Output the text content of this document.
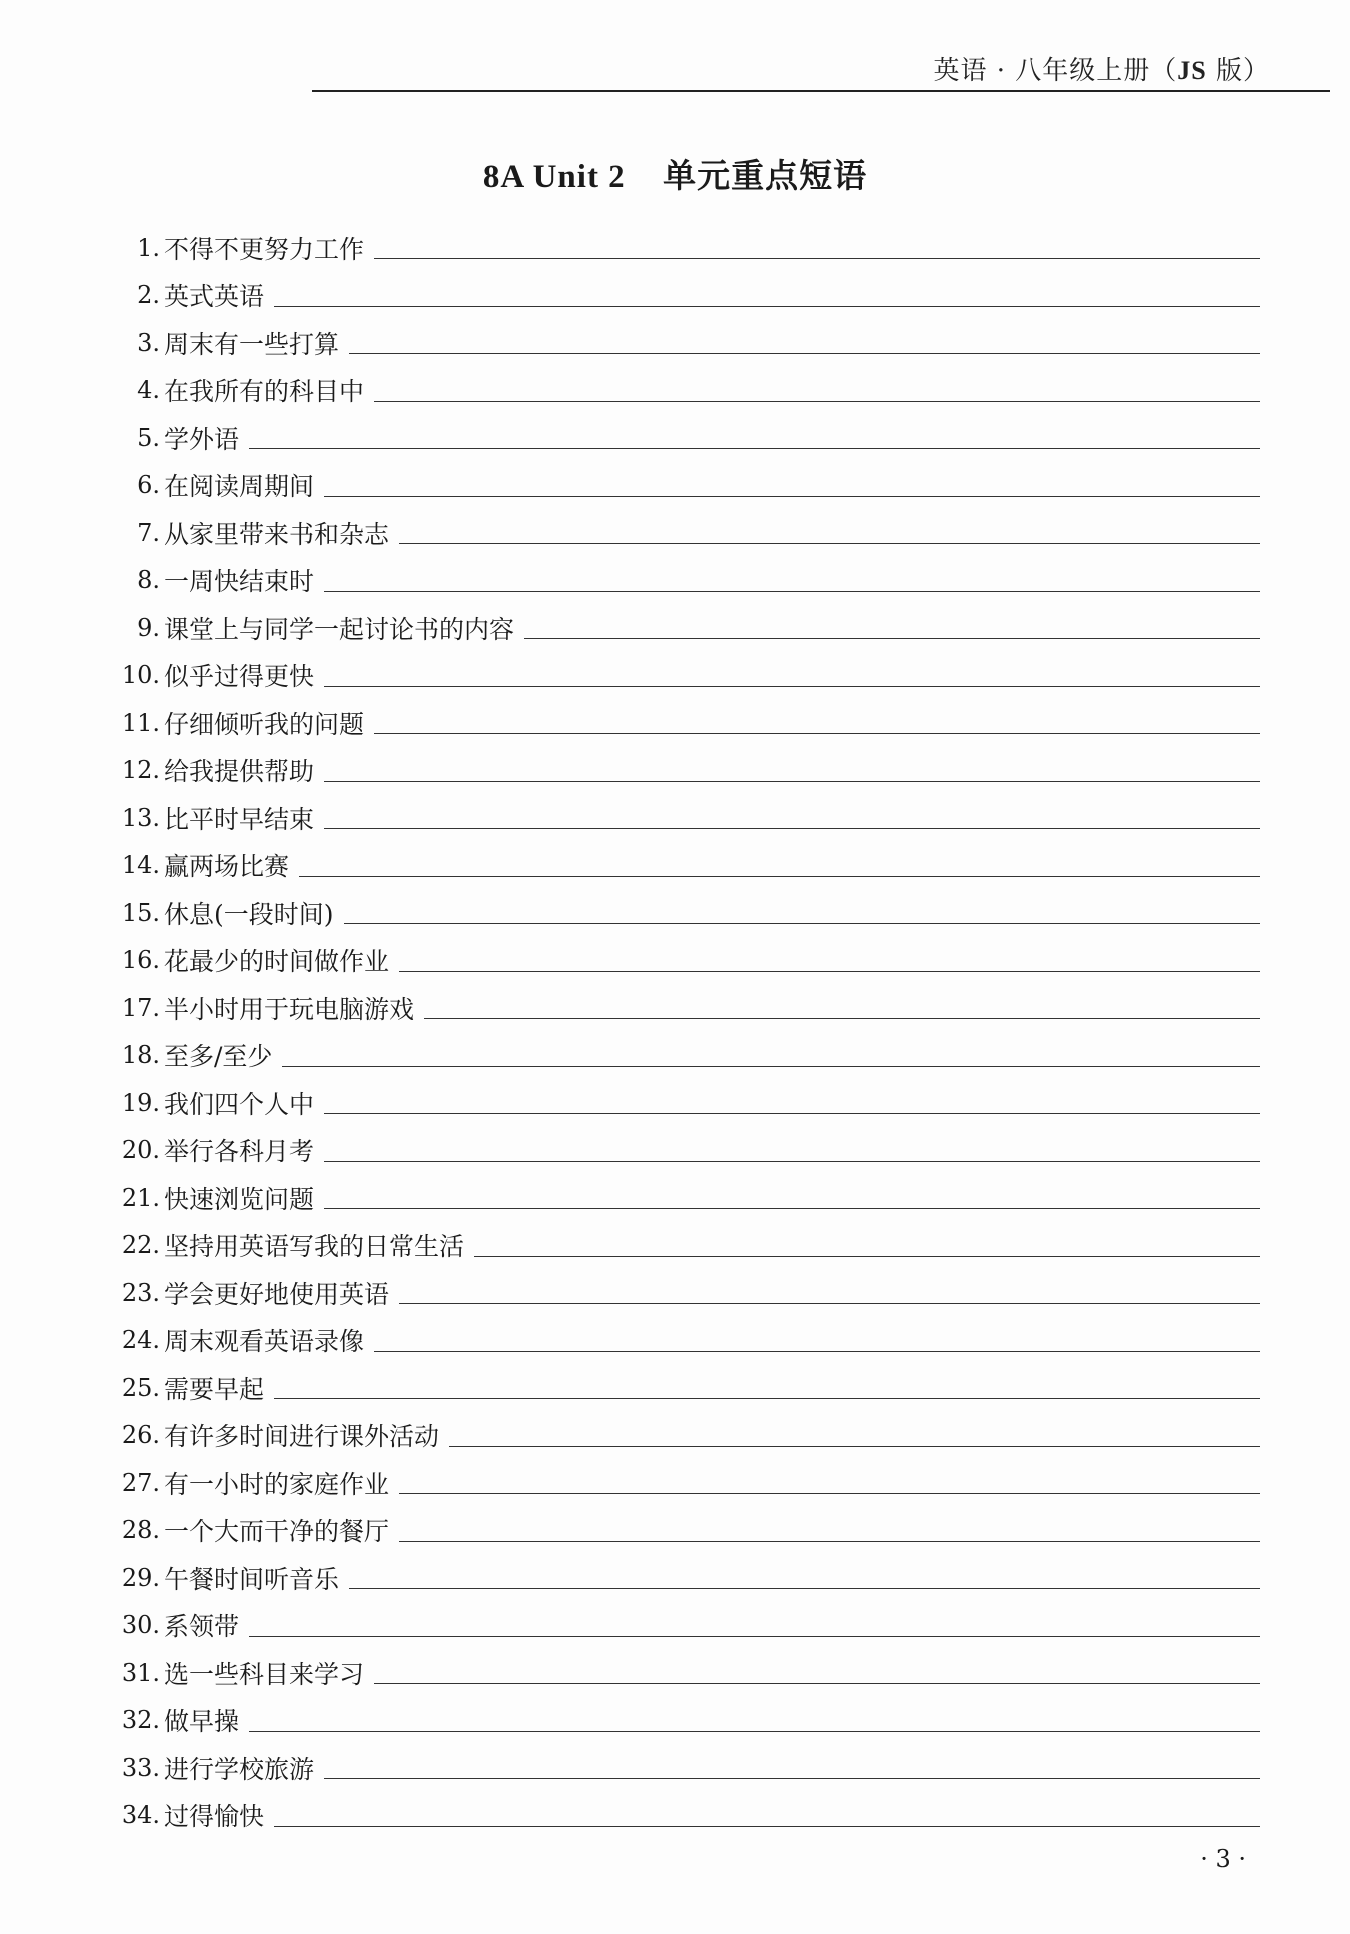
英语 · 八年级上册（JS 版）
8A Unit 2 单元重点短语
1. 不得不更努力工作
2. 英式英语
3. 周末有一些打算
4. 在我所有的科目中
5. 学外语
6. 在阅读周期间
7. 从家里带来书和杂志
8. 一周快结束时
9. 课堂上与同学一起讨论书的内容
10. 似乎过得更快
11. 仔细倾听我的问题
12. 给我提供帮助
13. 比平时早结束
14. 赢两场比赛
15. 休息(一段时间)
16. 花最少的时间做作业
17. 半小时用于玩电脑游戏
18. 至多/至少
19. 我们四个人中
20. 举行各科月考
21. 快速浏览问题
22. 坚持用英语写我的日常生活
23. 学会更好地使用英语
24. 周末观看英语录像
25. 需要早起
26. 有许多时间进行课外活动
27. 有一小时的家庭作业
28. 一个大而干净的餐厅
29. 午餐时间听音乐
30. 系领带
31. 选一些科目来学习
32. 做早操
33. 进行学校旅游
34. 过得愉快
· 3 ·
